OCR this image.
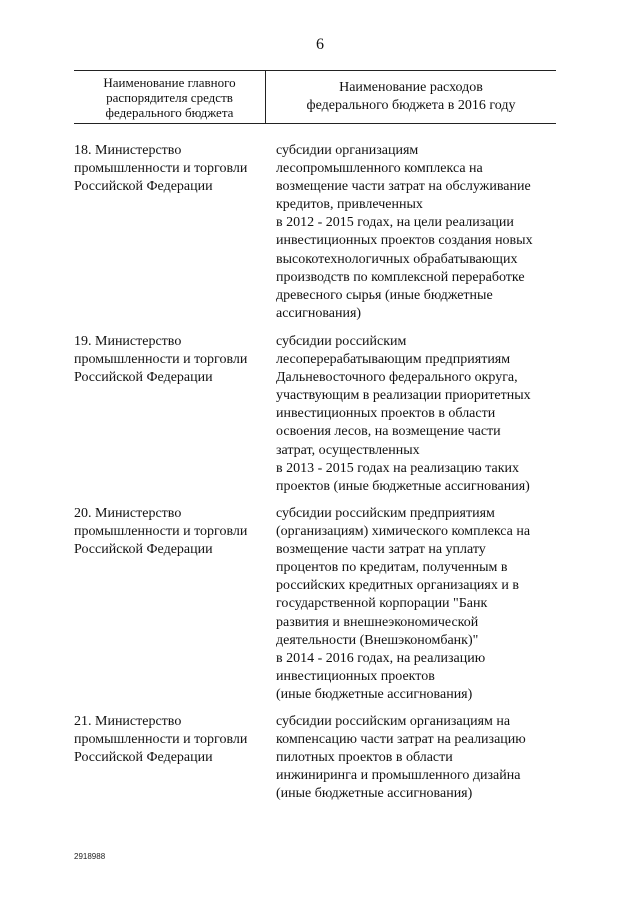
6
Наименование главного
распорядителя средств
федерального бюджета
Наименование расходов
федерального бюджета в 2016 году
18. Министерство
промышленности и торговли
Российской Федерации
субсидии организациям
лесопромышленного комплекса на
возмещение части затрат на обслуживание
кредитов, привлеченных
в 2012 - 2015 годах, на цели реализации
инвестиционных проектов создания новых
высокотехнологичных обрабатывающих
производств по комплексной переработке
древесного сырья (иные бюджетные
ассигнования)
19. Министерство
промышленности и торговли
Российской Федерации
субсидии российским
лесоперерабатывающим предприятиям
Дальневосточного федерального округа,
участвующим в реализации приоритетных
инвестиционных проектов в области
освоения лесов, на возмещение части
затрат, осуществленных
в 2013 - 2015 годах на реализацию таких
проектов (иные бюджетные ассигнования)
20. Министерство
промышленности и торговли
Российской Федерации
субсидии российским предприятиям
(организациям) химического комплекса на
возмещение части затрат на уплату
процентов по кредитам, полученным в
российских кредитных организациях и в
государственной корпорации "Банк
развития и внешнеэкономической
деятельности (Внешэкономбанк)"
в 2014 - 2016 годах, на реализацию
инвестиционных проектов
(иные бюджетные ассигнования)
21. Министерство
промышленности и торговли
Российской Федерации
субсидии российским организациям на
компенсацию части затрат на реализацию
пилотных проектов в области
инжиниринга и промышленного дизайна
(иные бюджетные ассигнования)
2918988
